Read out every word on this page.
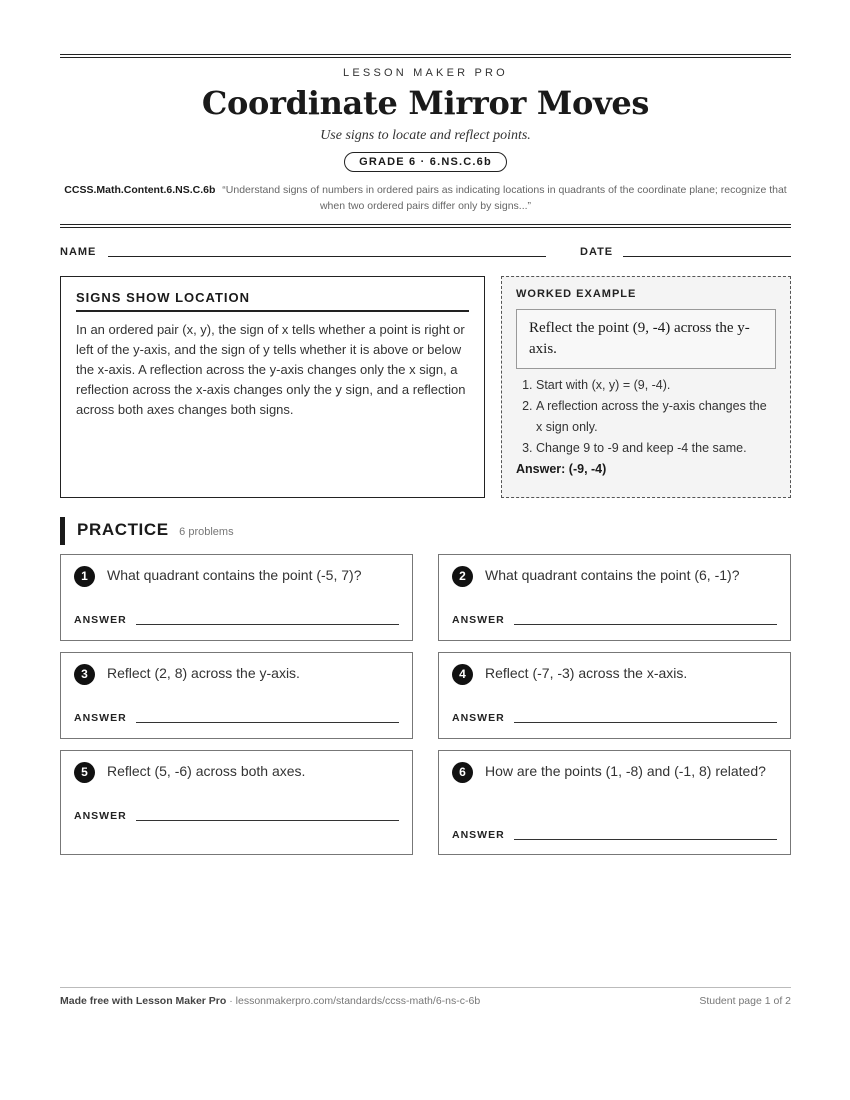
LESSON MAKER PRO
Coordinate Mirror Moves
Use signs to locate and reflect points.
GRADE 6 · 6.NS.C.6b
CCSS.Math.Content.6.NS.C.6b “Understand signs of numbers in ordered pairs as indicating locations in quadrants of the coordinate plane; recognize that when two ordered pairs differ only by signs...”
NAME	DATE
SIGNS SHOW LOCATION

In an ordered pair (x, y), the sign of x tells whether a point is right or left of the y-axis, and the sign of y tells whether it is above or below the x-axis. A reflection across the y-axis changes only the x sign, a reflection across the x-axis changes only the y sign, and a reflection across both axes changes both signs.

WORKED EXAMPLE
Reflect the point (9, -4) across the y-axis.
1. Start with (x, y) = (9, -4).
2. A reflection across the y-axis changes the x sign only.
3. Change 9 to -9 and keep -4 the same.
Answer: (-9, -4)
PRACTICE 6 problems
1	What quadrant contains the point (-5, 7)?
ANSWER
2	What quadrant contains the point (6, -1)?
ANSWER
3	Reflect (2, 8) across the y-axis.
ANSWER
4	Reflect (-7, -3) across the x-axis.
ANSWER
5	Reflect (5, -6) across both axes.
ANSWER
6	How are the points (1, -8) and (-1, 8) related?
ANSWER
Made free with Lesson Maker Pro · lessonmakerpro.com/standards/ccss-math/6-ns-c-6b	Student page 1 of 2
